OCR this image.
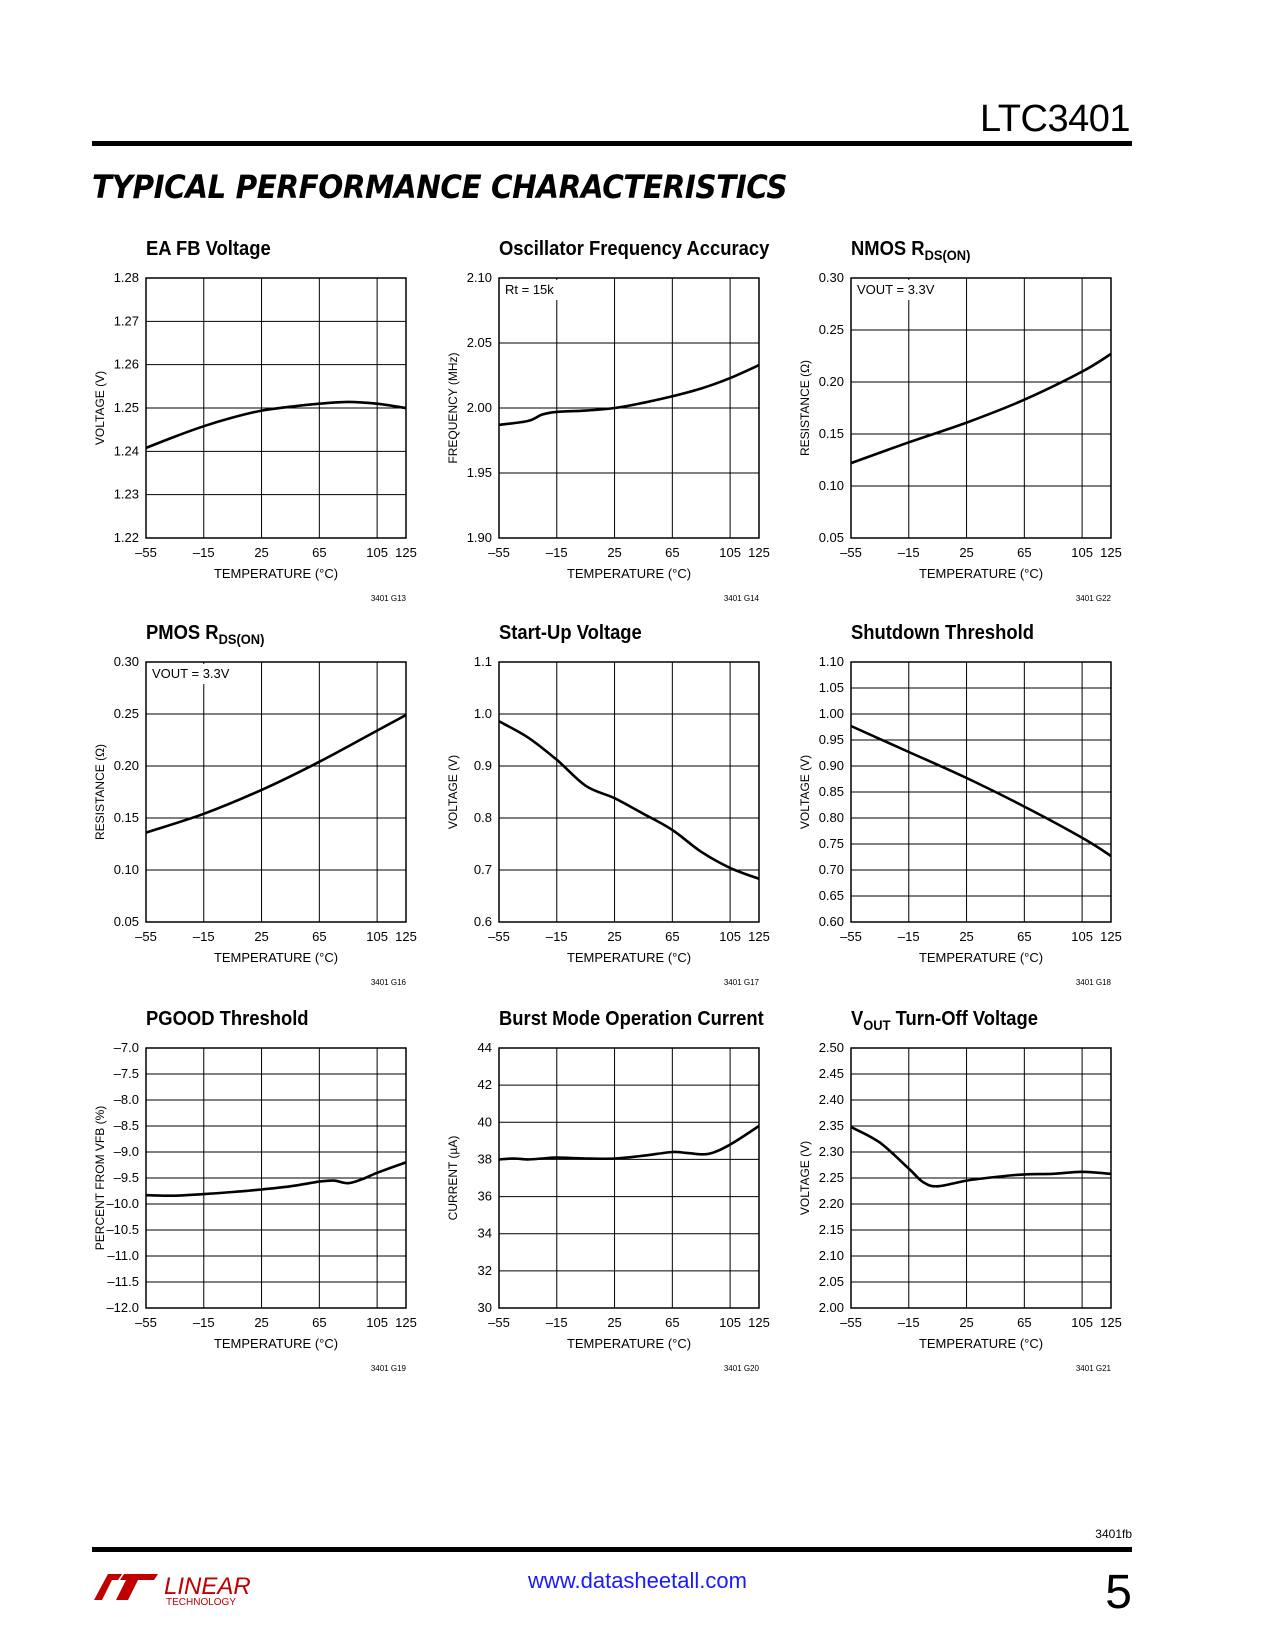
LTC3401
TYPICAL PERFORMANCE CHARACTERISTICS
EA FB Voltage
–55	–15	25	65	105 125
1.22
1.23
1.24
1.25
1.26
1.27
1.28
TEMPERATURE (°C)
VOLTAGE (V)
3401 G13
Oscillator Frequency Accuracy
–55	–15	25	65	105 125
1.90
1.95
2.00
2.05
2.10
Rt = 15k
TEMPERATURE (°C)
FREQUENCY (MHz)
3401 G14
NMOS $R_{DS(ON)}$
–55	–15	25	65	105 125
0.05
0.10
0.15
0.20
0.25
0.30
VOUT = 3.3V
TEMPERATURE (°C)
RESISTANCE (Ω)
3401 G22
PMOS $R_{DS(ON)}$
–55	–15	25	65	105 125
0.05
0.10
0.15
0.20
0.25
0.30
VOUT = 3.3V
TEMPERATURE (°C)
RESISTANCE (Ω)
3401 G16
Start-Up Voltage
–55	–15	25	65	105 125
0.6
0.7
0.8
0.9
1.0
1.1
TEMPERATURE (°C)
VOLTAGE (V)
3401 G17
Shutdown Threshold
–55	–15	25	65	105 125
0.60
0.65
0.70
0.75
0.80
0.85
0.90
0.95
1.00
1.05
1.10
TEMPERATURE (°C)
VOLTAGE (V)
3401 G18
PGOOD Threshold
–55	–15	25	65	105 125
–12.0
–11.5
–11.0
–10.5
–10.0
–9.5
–9.0
–8.5
–8.0
–7.5
–7.0
TEMPERATURE (°C)
PERCENT FROM VFB (%)
3401 G19
Burst Mode Operation Current
–55	–15	25	65	105 125
30
32
34
36
38
40
42
44
TEMPERATURE (°C)
CURRENT (µA)
3401 G20
$V_{OUT}$ Turn-Off Voltage
–55	–15	25	65	105 125
2.00
2.05
2.10
2.15
2.20
2.25
2.30
2.35
2.40
2.45
2.50
TEMPERATURE (°C)
VOLTAGE (V)
3401 G21
3401fb
LINEAR
TECHNOLOGY
www.datasheetall.com	5
